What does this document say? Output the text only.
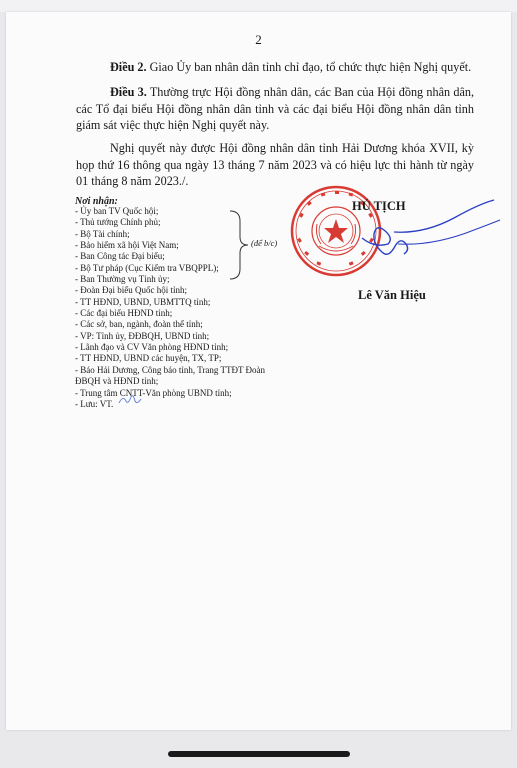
2

Điều 2. Giao Ủy ban nhân dân tỉnh chỉ đạo, tổ chức thực hiện Nghị quyết.

Điều 3. Thường trực Hội đồng nhân dân, các Ban của Hội đồng nhân dân, các Tổ đại biểu Hội đồng nhân dân tỉnh và các đại biểu Hội đồng nhân dân tỉnh giám sát việc thực hiện Nghị quyết này.

Nghị quyết này được Hội đồng nhân dân tỉnh Hải Dương khóa XVII, kỳ họp thứ 16 thông qua ngày 13 tháng 7 năm 2023 và có hiệu lực thi hành từ ngày 01 tháng 8 năm 2023./.

Nơi nhận:
- Ủy ban TV Quốc hội;
- Thủ tướng Chính phủ;
- Bộ Tài chính;
- Bảo hiểm xã hội Việt Nam;
- Ban Công tác Đại biểu;
- Bộ Tư pháp (Cục Kiểm tra VBQPPL);
- Ban Thường vụ Tỉnh ủy;
- Đoàn Đại biểu Quốc hội tỉnh;
- TT HĐND, UBND, UBMTTQ tỉnh;
- Các đại biểu HĐND tỉnh;
- Các sở, ban, ngành, đoàn thể tỉnh;
- VP: Tỉnh ủy, ĐĐBQH, UBND tỉnh;
- Lãnh đạo và CV Văn phòng HĐND tỉnh;
- TT HĐND, UBND các huyện, TX, TP;
- Báo Hải Dương, Công báo tỉnh, Trang TTĐT Đoàn ĐBQH và HĐND tỉnh;
- Trung tâm CNTT-Văn phòng UBND tỉnh;
- Lưu: VT.
(để b/c)
HỦ TỊCH
Lê Văn Hiệu
